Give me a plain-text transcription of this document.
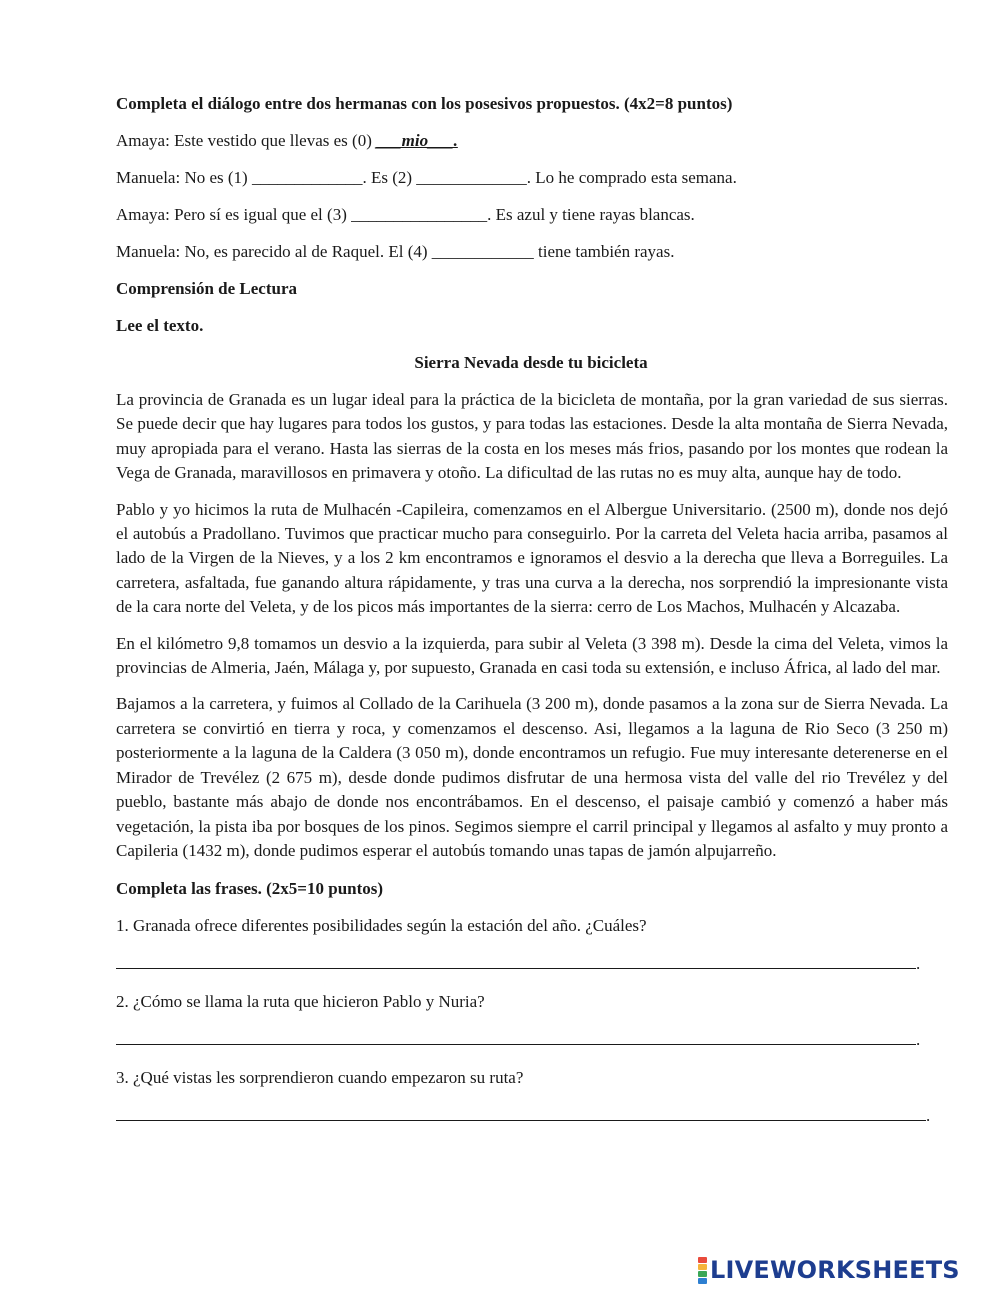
Completa el diálogo entre dos hermanas con los posesivos propuestos. (4x2=8 puntos)

Amaya: Este vestido que llevas es (0) ___mio___.

Manuela: No es (1) _____________. Es (2) _____________. Lo he comprado esta semana.

Amaya: Pero sí es igual que el (3) ________________. Es azul y tiene rayas blancas.

Manuela: No, es parecido al de Raquel. El (4) ____________ tiene también rayas.

Comprensión de Lectura

Lee el texto.

Sierra Nevada desde tu bicicleta

La provincia de Granada es un lugar ideal para la práctica de la bicicleta de montaña, por la gran variedad de sus sierras. Se puede decir que hay lugares para todos los gustos, y para todas las estaciones. Desde la alta montaña de Sierra Nevada, muy apropiada para el verano. Hasta las sierras de la costa en los meses más frios, pasando por los montes que rodean la Vega de Granada, maravillosos en primavera y otoño. La dificultad de las rutas no es muy alta, aunque hay de todo.

Pablo y yo hicimos la ruta de Mulhacén -Capileira, comenzamos en el Albergue Universitario. (2500 m), donde nos dejó el autobús a Pradollano. Tuvimos que practicar mucho para conseguirlo. Por la carreta del Veleta hacia arriba, pasamos al lado de la Virgen de la Nieves, y a los 2 km encontramos e ignoramos el desvio a la derecha que lleva a Borreguiles. La carretera, asfaltada, fue ganando altura rápidamente, y tras una curva a la derecha, nos sorprendió la impresionante vista de la cara norte del Veleta, y de los picos más importantes de la sierra: cerro de Los Machos, Mulhacén y Alcazaba.

En el kilómetro 9,8 tomamos un desvio a la izquierda, para subir al Veleta (3 398 m). Desde la cima del Veleta, vimos la provincias de Almeria, Jaén, Málaga y, por supuesto, Granada en casi toda su extensión, e incluso África, al lado del mar.

Bajamos a la carretera, y fuimos al Collado de la Carihuela (3 200 m), donde pasamos a la zona sur de Sierra Nevada. La carretera se convirtió en tierra y roca, y comenzamos el descenso. Asi, llegamos a la laguna de Rio Seco (3 250 m) posteriormente a la laguna de la Caldera (3 050 m), donde encontramos un refugio. Fue muy interesante deterenerse en el Mirador de Trevélez (2 675 m), desde donde pudimos disfrutar de una hermosa vista del valle del rio Trevélez y del pueblo, bastante más abajo de donde nos encontrábamos. En el descenso, el paisaje cambió y comenzó a haber más vegetación, la pista iba por bosques de los pinos. Segimos siempre el carril principal y llegamos al asfalto y muy pronto a Capileria (1432 m), donde pudimos esperar el autobús tomando unas tapas de jamón alpujarreño.

Completa las frases. (2x5=10 puntos)

1. Granada ofrece diferentes posibilidades según la estación del año. ¿Cuáles?

.

2. ¿Cómo se llama la ruta que hicieron Pablo y Nuria?

.

3. ¿Qué vistas les sorprendieron cuando empezaron su ruta?

.

LIVEWORKSHEETS
